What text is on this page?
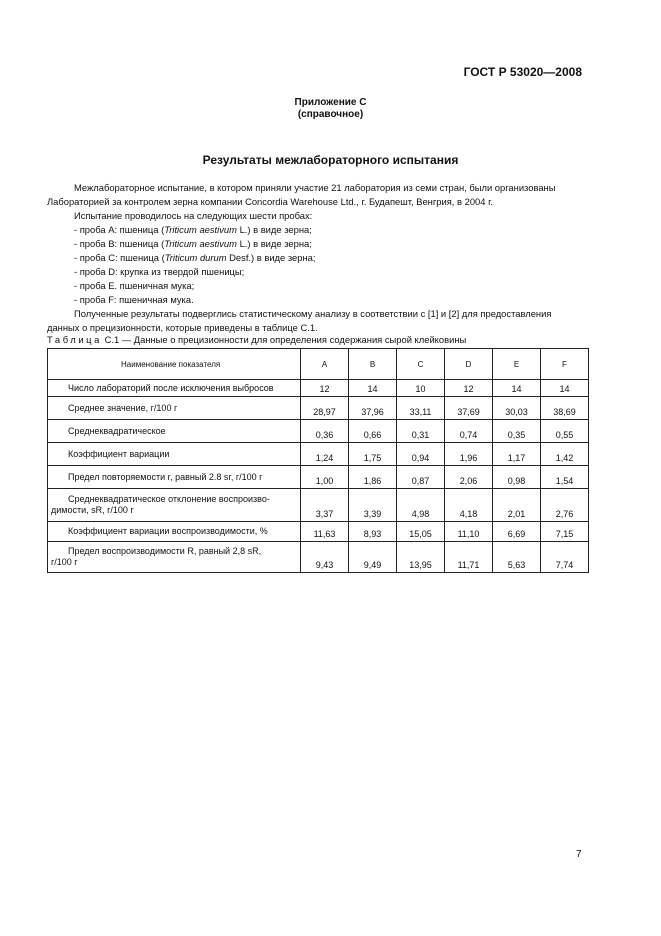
ГОСТ Р 53020—2008
Приложение С
(справочное)
Результаты межлабораторного испытания
Межлабораторное испытание, в котором приняли участие 21 лаборатория из семи стран, были организованы
Лабораторией за контролем зерна компании Concordia Warehouse Ltd., г. Будапешт, Венгрия, в 2004 г.
Испытание проводилось на следующих шести пробах:
- проба А: пшеница (Triticum aestivum L.) в виде зерна;
- проба В: пшеница (Triticum aestivum L.) в виде зерна;
- проба С: пшеница (Triticum durum Desf.) в виде зерна;
- проба D: крупка из твердой пшеницы;
- проба Е. пшеничная мука;
- проба F: пшеничная мука.
Полученные результаты подверглись статистическому анализу в соответствии с [1] и [2] для предоставления
данных о прецизионности, которые приведены в таблице С.1.
Таблица С.1 — Данные о прецизионности для определения содержания сырой клейковины
Наименование показателя	А	В	С	D	Е	F
Число лабораторий после исключения выбросов	12	14	10	12	14	14
Среднее значение, г/100 г	28,97	37,96	33,11	37,69	30,03	38,69
Среднеквадратическое	0,36	0,66	0,31	0,74	0,35	0,55
Коэффициент вариации	1,24	1,75	0,94	1,96	1,17	1,42
Предел повторяемости r, равный 2.8 sr, г/100 г	1,00	1,86	0,87	2,06	0,98	1,54

Среднеквадратическое отклонение воспроизво-
димости, sR, г/100 г	3,37	3,39	4,98	4,18	2,01	2,76
Коэффициент вариации воспроизводимости, %	11,63	8,93	15,05	11,10	6,69	7,15

Предел воспроизводимости R, равный 2,8 sR,
г/100 г	9,43	9,49	13,95	11,71	5,63	7,74
7
